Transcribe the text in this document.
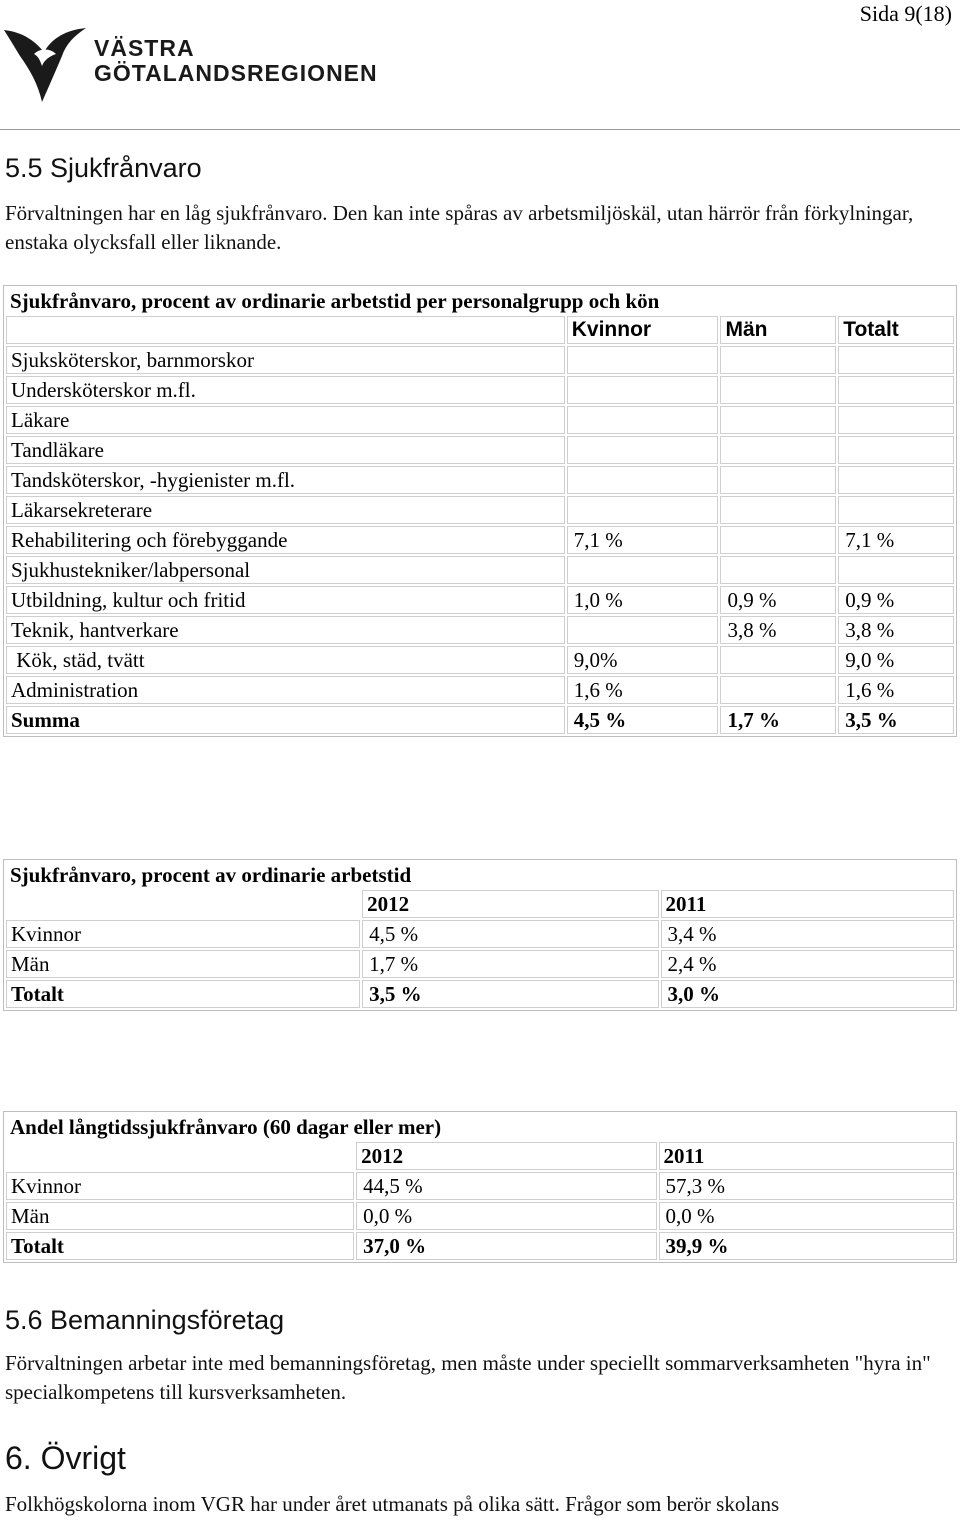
Sida 9(18)
VÄSTRA
GÖTALANDSREGIONEN
5.5 Sjukfrånvaro

Förvaltningen har en låg sjukfrånvaro. Den kan inte spåras av arbetsmiljöskäl, utan härrör från förkylningar, enstaka olycksfall eller liknande.

Sjukfrånvaro, procent av ordinarie arbetstid per personalgrupp och kön			
	Kvinnor	Män	Totalt
Sjuksköterskor, barnmorskor			
Undersköterskor m.fl.			
Läkare			
Tandläkare			
Tandsköterskor, -hygienister m.fl.			
Läkarsekreterare			
Rehabilitering och förebyggande	7,1 %		7,1 %
Sjukhustekniker/labpersonal			
Utbildning, kultur och fritid	1,0 %	0,9 %	0,9 %
Teknik, hantverkare		3,8 %	3,8 %
Kök, städ, tvätt	9,0%		9,0 %
Administration	1,6 %		1,6 %
Summa	4,5 %	1,7 %	3,5 %
Sjukfrånvaro, procent av ordinarie arbetstid		
	2012	2011
Kvinnor	4,5 %	3,4 %
Män	1,7 %	2,4 %
Totalt	3,5 %	3,0 %
Andel långtidssjukfrånvaro (60 dagar eller mer)		
	2012	2011
Kvinnor	44,5 %	57,3 %
Män	0,0 %	0,0 %
Totalt	37,0 %	39,9 %
5.6 Bemanningsföretag

Förvaltningen arbetar inte med bemanningsföretag, men måste under speciellt sommarverksamheten "hyra in" specialkompetens till kursverksamheten.

6. Övrigt

Folkhögskolorna inom VGR har under året utmanats på olika sätt. Frågor som berör skolans
